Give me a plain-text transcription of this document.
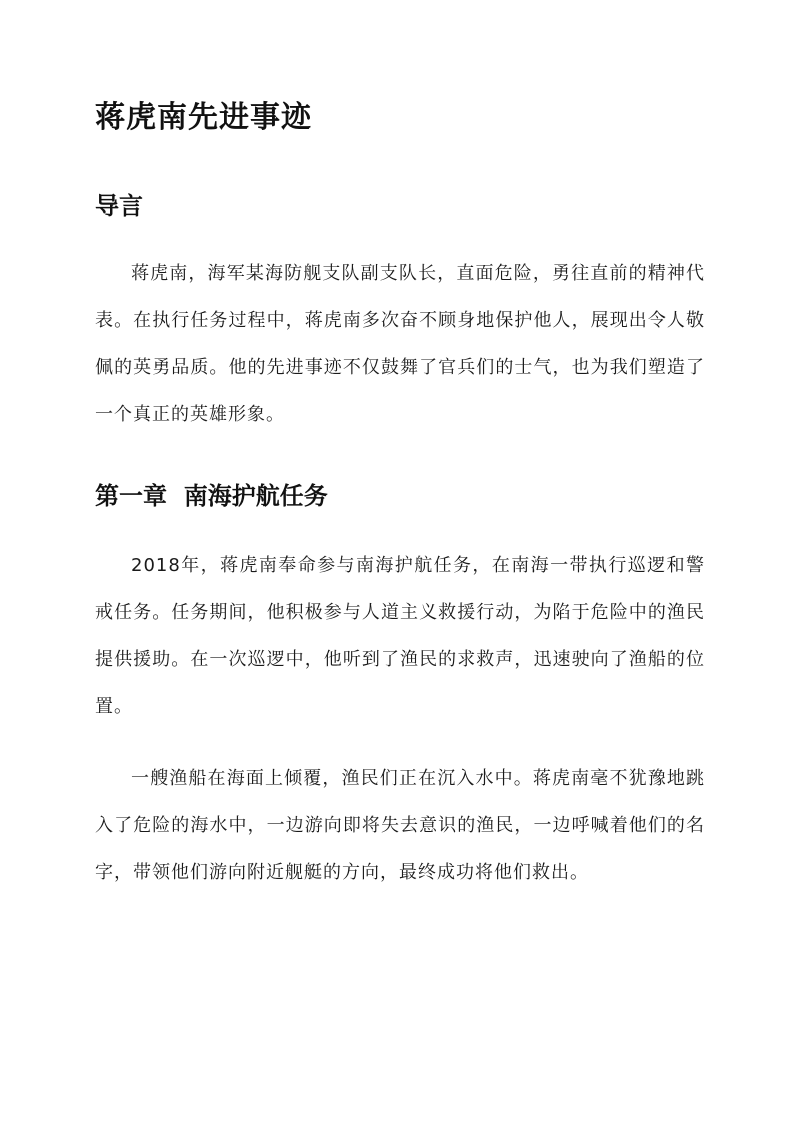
蒋虎南先进事迹
导言

蒋虎南，海军某海防舰支队副支队长，直面危险，勇往直前的精神代表。在执行任务过程中，蒋虎南多次奋不顾身地保护他人，展现出令人敬佩的英勇品质。他的先进事迹不仅鼓舞了官兵们的士气，也为我们塑造了一个真正的英雄形象。

第一章  南海护航任务

2018年，蒋虎南奉命参与南海护航任务，在南海一带执行巡逻和警戒任务。任务期间，他积极参与人道主义救援行动，为陷于危险中的渔民提供援助。在一次巡逻中，他听到了渔民的求救声，迅速驶向了渔船的位置。

一艘渔船在海面上倾覆，渔民们正在沉入水中。蒋虎南毫不犹豫地跳入了危险的海水中，一边游向即将失去意识的渔民，一边呼喊着他们的名字，带领他们游向附近舰艇的方向，最终成功将他们救出。
